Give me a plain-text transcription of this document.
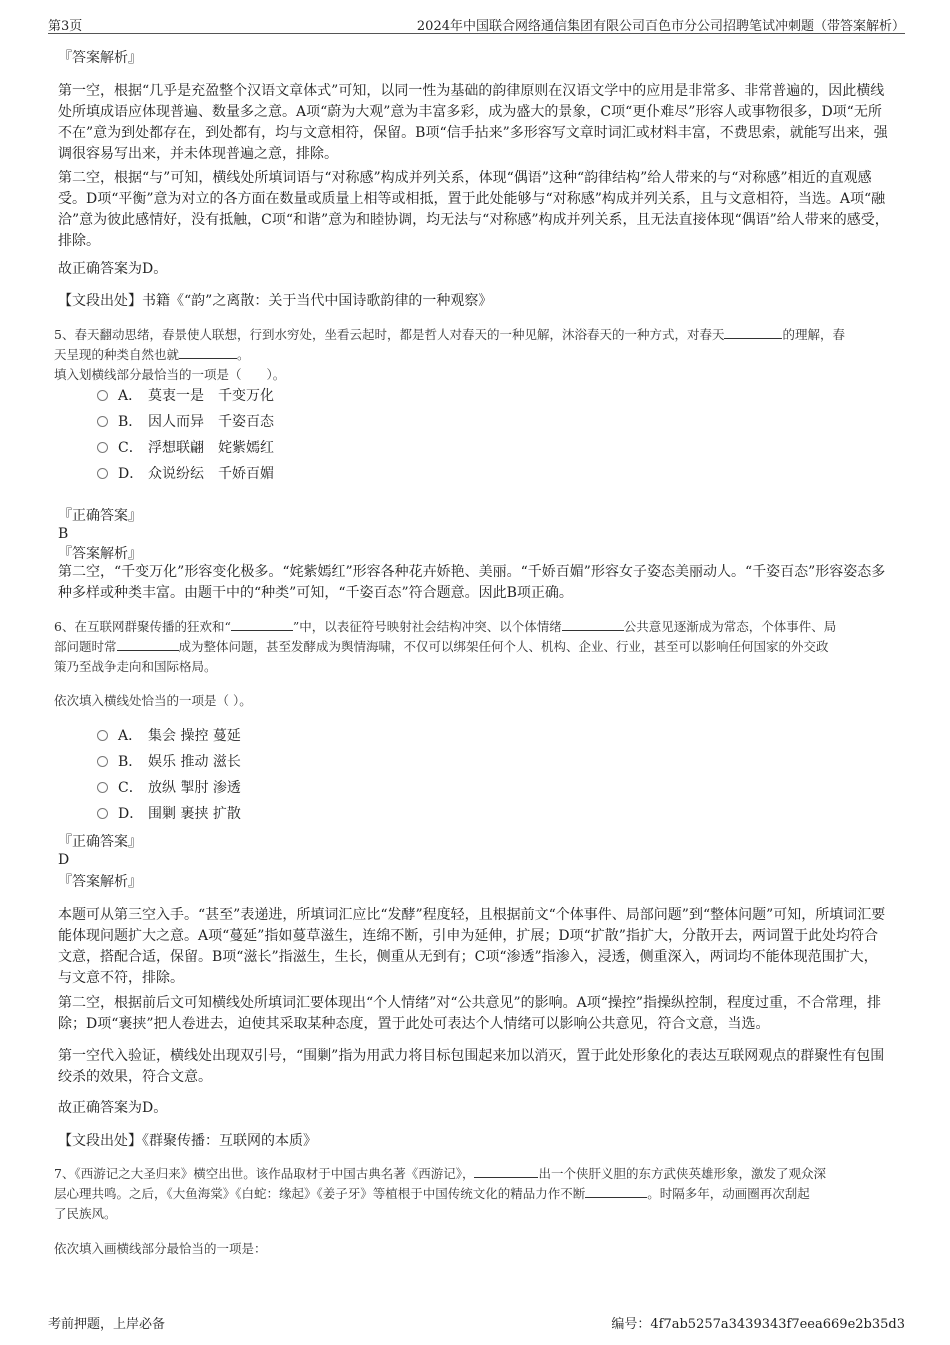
第3页	2024年中国联合网络通信集团有限公司百色市分公司招聘笔试冲刺题（带答案解析）
『答案解析』
第一空，根据“几乎是充盈整个汉语文章体式”可知，以同一性为基础的韵律原则在汉语文学中的应用是非常多、非常普遍的，因此横线处所填成语应体现普遍、数量多之意。A项“蔚为大观”意为丰富多彩，成为盛大的景象，C项“更仆难尽”形容人或事物很多，D项“无所不在”意为到处都存在，到处都有，均与文意相符，保留。B项“信手拈来”多形容写文章时词汇或材料丰富，不费思索，就能写出来，强调很容易写出来，并未体现普遍之意，排除。
第二空，根据“与”可知，横线处所填词语与“对称感”构成并列关系，体现“偶语”这种“韵律结构”给人带来的与“对称感”相近的直观感受。D项“平衡”意为对立的各方面在数量或质量上相等或相抵，置于此处能够与“对称感”构成并列关系，且与文意相符，当选。A项“融洽”意为彼此感情好，没有抵触，C项“和谐”意为和睦协调，均无法与“对称感”构成并列关系，且无法直接体现“偶语”给人带来的感受，排除。
故正确答案为D。
【文段出处】书籍《“韵”之离散：关于当代中国诗歌韵律的一种观察》
5、春天翻动思绪，春景使人联想，行到水穷处，坐看云起时，都是哲人对春天的一种见解，沐浴春天的一种方式，对春天	的理解，春
天呈现的种类自然也就	。
填入划横线部分最恰当的一项是（　　）。
A． 莫衷一是　千变万化
B． 因人而异　千姿百态
C． 浮想联翩　姹紫嫣红
D． 众说纷纭　千娇百媚
『正确答案』
B
『答案解析』
第二空，“千变万化”形容变化极多。“姹紫嫣红”形容各种花卉娇艳、美丽。“千娇百媚”形容女子姿态美丽动人。“千姿百态”形容姿态多种多样或种类丰富。由题干中的“种类”可知，“千姿百态”符合题意。因此B项正确。
6、在互联网群聚传播的狂欢和“	”中，以表征符号映射社会结构冲突、以个体情绪	公共意见逐渐成为常态，个体事件、局
部问题时常	成为整体问题，甚至发酵成为舆情海啸，不仅可以绑架任何个人、机构、企业、行业，甚至可以影响任何国家的外交政
策乃至战争走向和国际格局。
依次填入横线处恰当的一项是（ ）。
A． 集会 操控 蔓延
B． 娱乐 推动 滋长
C． 放纵 掣肘 渗透
D． 围剿 裹挟 扩散
『正确答案』
D
『答案解析』
本题可从第三空入手。“甚至”表递进，所填词汇应比“发酵”程度轻，且根据前文“个体事件、局部问题”到“整体问题”可知，所填词汇要能体现问题扩大之意。A项“蔓延”指如蔓草滋生，连绵不断，引申为延伸，扩展；D项“扩散”指扩大，分散开去，两词置于此处均符合文意，搭配合适，保留。B项“滋长”指滋生，生长，侧重从无到有；C项“渗透”指渗入，浸透，侧重深入，两词均不能体现范围扩大，与文意不符，排除。
第二空，根据前后文可知横线处所填词汇要体现出“个人情绪”对“公共意见”的影响。A项“操控”指操纵控制，程度过重，不合常理，排除；D项“裹挟”把人卷进去，迫使其采取某种态度，置于此处可表达个人情绪可以影响公共意见，符合文意，当选。
第一空代入验证，横线处出现双引号，“围剿”指为用武力将目标包围起来加以消灭，置于此处形象化的表达互联网观点的群聚性有包围绞杀的效果，符合文意。
故正确答案为D。
【文段出处】《群聚传播：互联网的本质》
7、《西游记之大圣归来》横空出世。该作品取材于中国古典名著《西游记》，	出一个侠肝义胆的东方武侠英雄形象，激发了观众深
层心理共鸣。之后，《大鱼海棠》《白蛇：缘起》《姜子牙》等植根于中国传统文化的精品力作不断	。时隔多年，动画圈再次刮起
了民族风。
依次填入画横线部分最恰当的一项是：
考前押题，上岸必备	编号：4f7ab5257a3439343f7eea669e2b35d3
